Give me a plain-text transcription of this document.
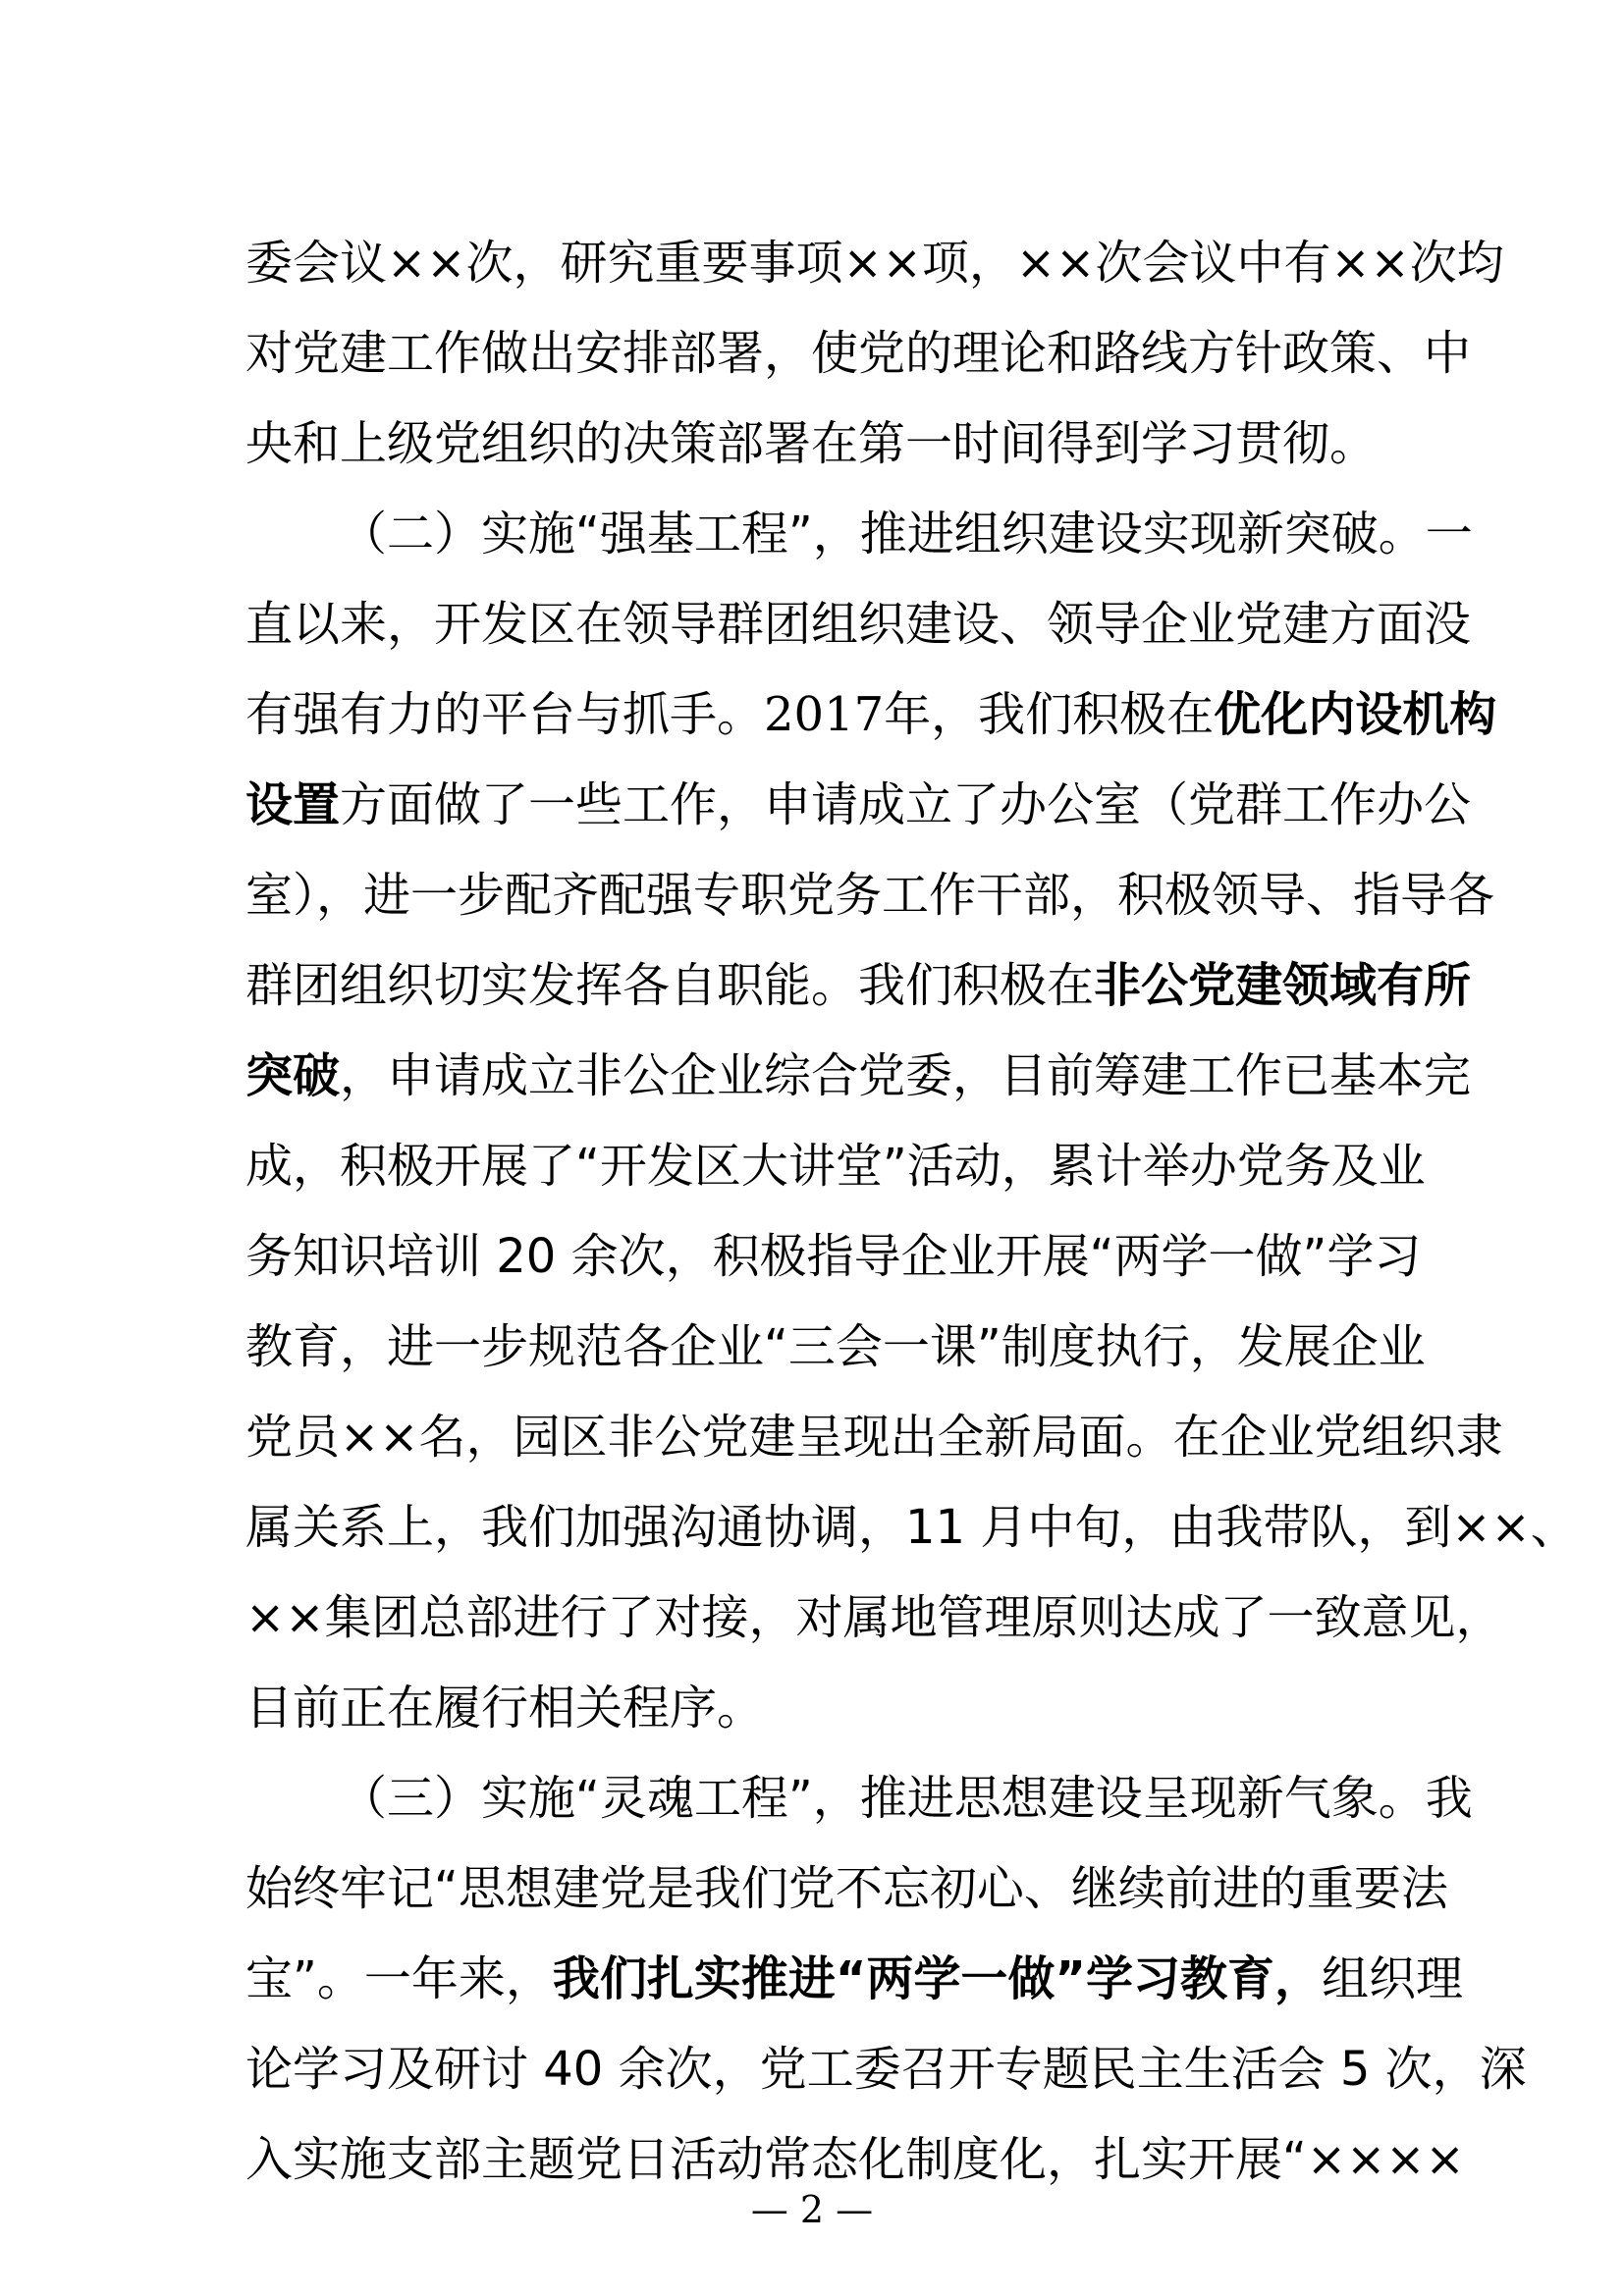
委会议××次，研究重要事项××项，××次会议中有××次均
对党建工作做出安排部署，使党的理论和路线方针政策、中
央和上级党组织的决策部署在第一时间得到学习贯彻。
（二）实施“强基工程”，推进组织建设实现新突破。一
直以来，开发区在领导群团组织建设、领导企业党建方面没
有强有力的平台与抓手。2017年，我们积极在优化内设机构
设置方面做了一些工作，申请成立了办公室（党群工作办公
室），进一步配齐配强专职党务工作干部，积极领导、指导各
群团组织切实发挥各自职能。我们积极在非公党建领域有所
突破，申请成立非公企业综合党委，目前筹建工作已基本完
成，积极开展了“开发区大讲堂”活动，累计举办党务及业
务知识培训 20 余次，积极指导企业开展“两学一做”学习
教育，进一步规范各企业“三会一课”制度执行，发展企业
党员××名，园区非公党建呈现出全新局面。在企业党组织隶
属关系上，我们加强沟通协调，11 月中旬，由我带队，到××、
××集团总部进行了对接，对属地管理原则达成了一致意见，
目前正在履行相关程序。
（三）实施“灵魂工程”，推进思想建设呈现新气象。我
始终牢记“思想建党是我们党不忘初心、继续前进的重要法
宝”。一年来，我们扎实推进“两学一做”学习教育，组织理
论学习及研讨 40 余次，党工委召开专题民主生活会 5 次，深
入实施支部主题党日活动常态化制度化，扎实开展“××××
— 2 —
